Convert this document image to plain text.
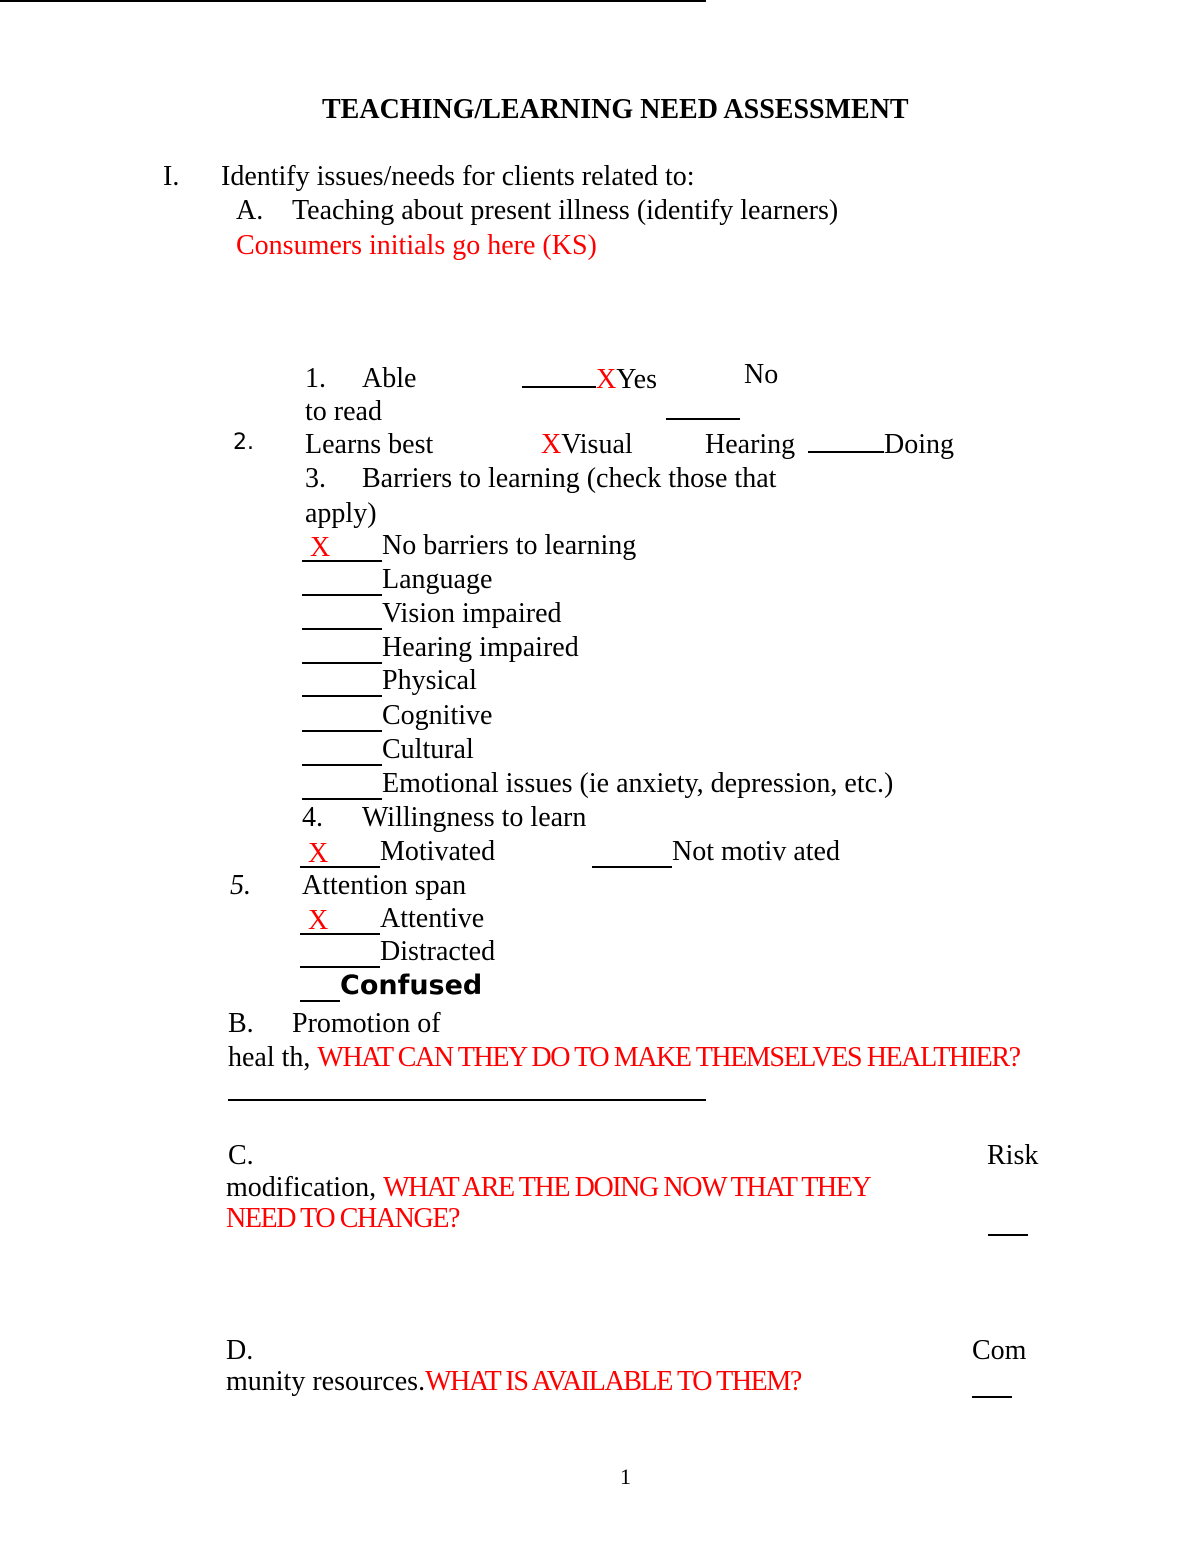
TEACHING/LEARNING NEED ASSESSMENT
I. Identify issues/needs for clients related to:
A. Teaching about present illness (identify learners)
Consumers initials go here (KS)
1. Able
to read
XYes	No
2. Learns best	XVisual	Hearing	Doing
3. Barriers to learning (check those that
apply)
X No barriers to learning
Language
Vision impaired
Hearing impaired
Physical
Cognitive
Cultural
Emotional issues (ie anxiety, depression, etc.)
4. Willingness to learn
X Motivated	Not motiv ated
5. Attention span
X Attentive
Distracted
Confused
B. Promotion of
heal th, WHAT CAN THEY DO TO MAKE THEMSELVES HEALTHIER?
C.	Risk
modification, WHAT ARE THE DOING NOW THAT THEY
NEED TO CHANGE?

D.	Com
munity resources.WHAT IS AVAILABLE TO THEM?

1
